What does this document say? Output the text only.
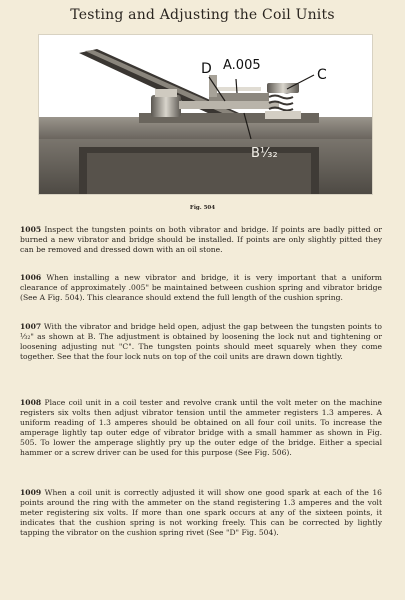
Testing and Adjusting the Coil Units
D A.005
C
B¹⁄₃₂
Fig. 504

1005 Inspect the tungsten points on both vibrator and bridge. If points are badly pitted or burned a new vibrator and bridge should be installed. If points are only slightly pitted they can be removed and dressed down with an oil stone.

1006 When installing a new vibrator and bridge, it is very important that a uniform clearance of approximately .005" be maintained between cushion spring and vibrator bridge (See A Fig. 504). This clearance should extend the full length of the cushion spring.

1007 With the vibrator and bridge held open, adjust the gap between the tungsten points to ¹⁄₃₂" as shown at B. The adjustment is obtained by loosening the lock nut and tightening or loosening adjusting nut "C". The tungsten points should meet squarely when they come together. See that the four lock nuts on top of the coil units are drawn down tightly.

1008 Place coil unit in a coil tester and revolve crank until the volt meter on the machine registers six volts then adjust vibrator tension until the ammeter registers 1.3 amperes. A uniform reading of 1.3 amperes should be obtained on all four coil units. To increase the amperage lightly tap outer edge of vibrator bridge with a small hammer as shown in Fig. 505. To lower the amperage slightly pry up the outer edge of the bridge. Either a special hammer or a screw driver can be used for this purpose (See Fig. 506).

1009 When a coil unit is correctly adjusted it will show one good spark at each of the 16 points around the ring with the ammeter on the stand registering 1.3 amperes and the volt meter registering six volts. If more than one spark occurs at any of the sixteen points, it indicates that the cushion spring is not working freely. This can be corrected by lightly tapping the vibrator on the cushion spring rivet (See "D" Fig. 504).
